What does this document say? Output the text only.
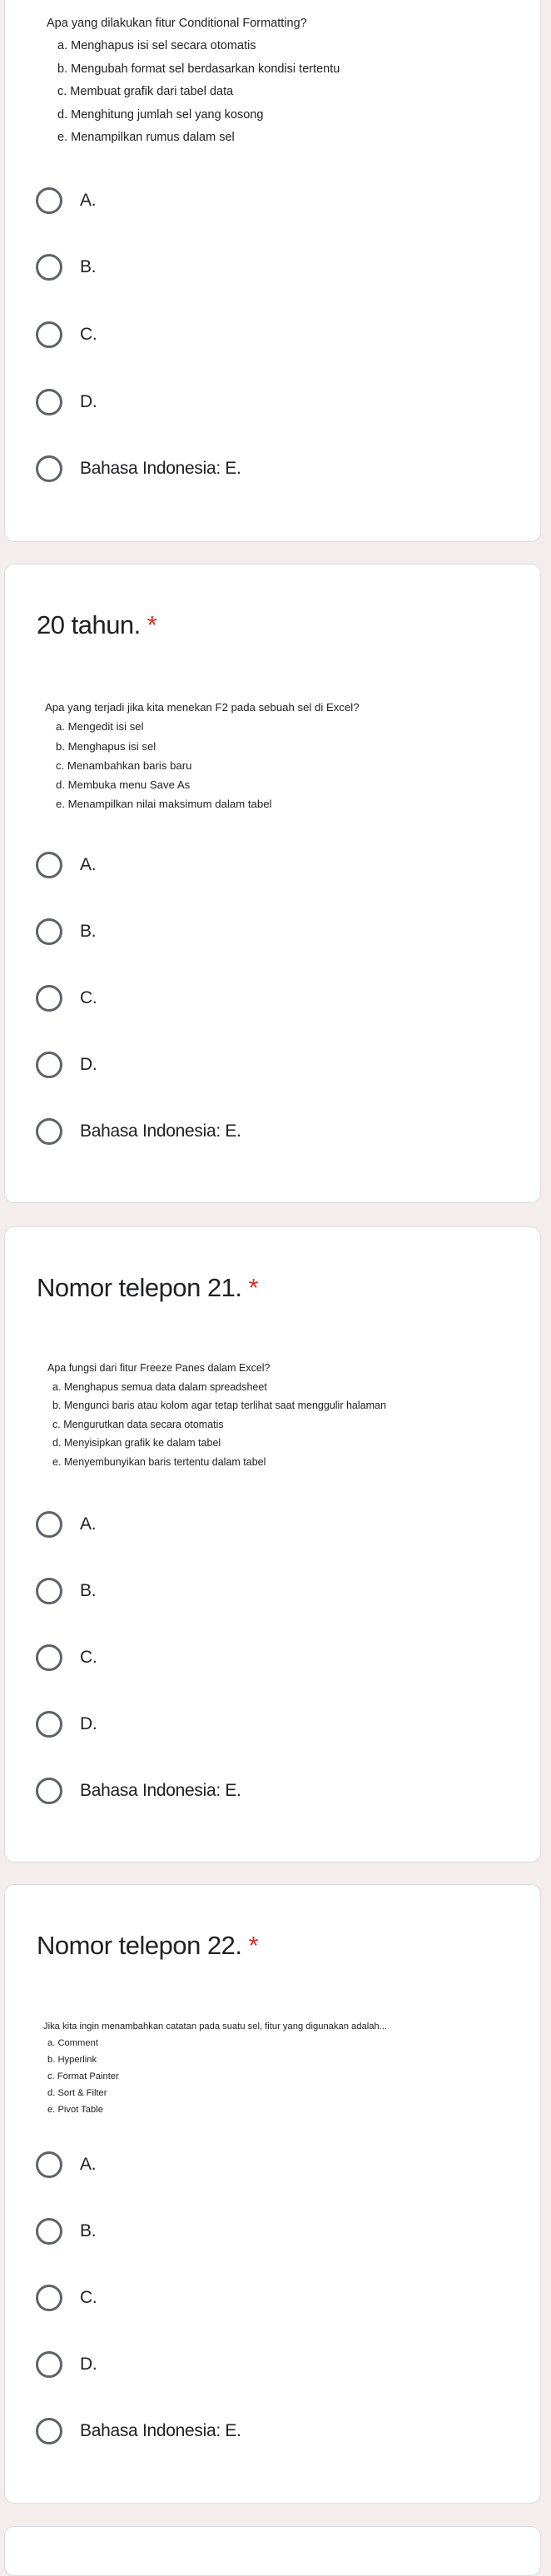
Apa yang dilakukan fitur Conditional Formatting?
a. Menghapus isi sel secara otomatis
b. Mengubah format sel berdasarkan kondisi tertentu
c. Membuat grafik dari tabel data
d. Menghitung jumlah sel yang kosong
e. Menampilkan rumus dalam sel
A.
B.
C.
D.
Bahasa Indonesia: E.
20 tahun. *
Apa yang terjadi jika kita menekan F2 pada sebuah sel di Excel?
a. Mengedit isi sel
b. Menghapus isi sel
c. Menambahkan baris baru
d. Membuka menu Save As
e. Menampilkan nilai maksimum dalam tabel
A.
B.
C.
D.
Bahasa Indonesia: E.
Nomor telepon 21. *
Apa fungsi dari fitur Freeze Panes dalam Excel?
a. Menghapus semua data dalam spreadsheet
b. Mengunci baris atau kolom agar tetap terlihat saat menggulir halaman
c. Mengurutkan data secara otomatis
d. Menyisipkan grafik ke dalam tabel
e. Menyembunyikan baris tertentu dalam tabel
A.
B.
C.
D.
Bahasa Indonesia: E.
Nomor telepon 22. *
Jika kita ingin menambahkan catatan pada suatu sel, fitur yang digunakan adalah...
a. Comment
b. Hyperlink
c. Format Painter
d. Sort & Filter
e. Pivot Table
A.
B.
C.
D.
Bahasa Indonesia: E.
